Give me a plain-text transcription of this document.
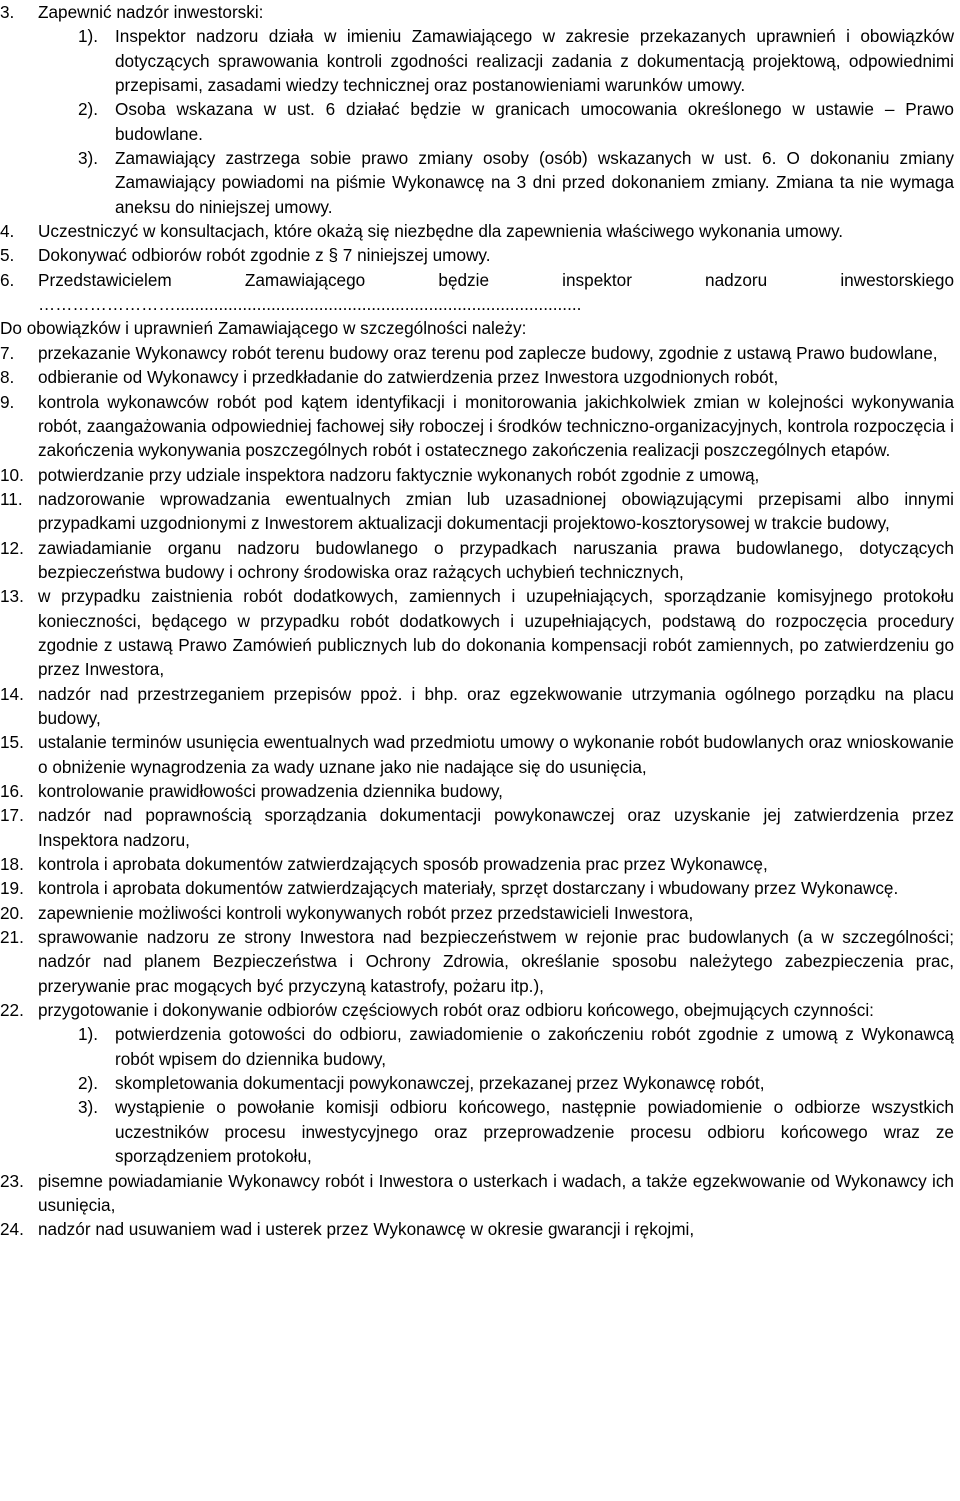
3. Zapewnić nadzór inwestorski:

1). Inspektor nadzoru działa w imieniu Zamawiającego w zakresie przekazanych uprawnień i obowiązków dotyczących sprawowania kontroli zgodności realizacji zadania z dokumentacją projektową, odpowiednimi przepisami, zasadami wiedzy technicznej oraz postanowieniami warunków umowy.

2). Osoba wskazana w ust. 6 działać będzie w granicach umocowania określonego w ustawie – Prawo budowlane.

3). Zamawiający zastrzega sobie prawo zmiany osoby (osób) wskazanych w ust. 6. O dokonaniu zmiany Zamawiający powiadomi na piśmie Wykonawcę na 3 dni przed dokonaniem zmiany. Zmiana ta nie wymaga aneksu do niniejszej umowy.

4. Uczestniczyć w konsultacjach, które okażą się niezbędne dla zapewnienia właściwego wykonania umowy.

5. Dokonywać odbiorów robót zgodnie z § 7 niniejszej umowy.

6. Przedstawicielem Zamawiającego będzie inspektor nadzoru inwestorskiego …………………….....................................................................................

Do obowiązków i uprawnień Zamawiającego w szczególności należy:

7. przekazanie Wykonawcy robót terenu budowy oraz terenu pod zaplecze budowy, zgodnie z ustawą Prawo budowlane,

8. odbieranie od Wykonawcy i przedkładanie do zatwierdzenia przez Inwestora uzgodnionych robót,

9. kontrola wykonawców robót pod kątem identyfikacji i monitorowania jakichkolwiek zmian w kolejności wykonywania robót, zaangażowania odpowiedniej fachowej siły roboczej i środków techniczno-organizacyjnych, kontrola rozpoczęcia i zakończenia wykonywania poszczególnych robót i ostatecznego zakończenia realizacji poszczególnych etapów.

10. potwierdzanie przy udziale inspektora nadzoru faktycznie wykonanych robót zgodnie z umową,

11. nadzorowanie wprowadzania ewentualnych zmian lub uzasadnionej obowiązującymi przepisami albo innymi przypadkami uzgodnionymi z Inwestorem aktualizacji dokumentacji projektowo-kosztorysowej w trakcie budowy,

12. zawiadamianie organu nadzoru budowlanego o przypadkach naruszania prawa budowlanego, dotyczących bezpieczeństwa budowy i ochrony środowiska oraz rażących uchybień technicznych,

13. w przypadku zaistnienia robót dodatkowych, zamiennych i uzupełniających, sporządzanie komisyjnego protokołu konieczności, będącego w przypadku robót dodatkowych i uzupełniających, podstawą do rozpoczęcia procedury zgodnie z ustawą Prawo Zamówień publicznych lub do dokonania kompensacji robót zamiennych, po zatwierdzeniu go przez Inwestora,

14. nadzór nad przestrzeganiem przepisów ppoż. i bhp. oraz egzekwowanie utrzymania ogólnego porządku na placu budowy,

15. ustalanie terminów usunięcia ewentualnych wad przedmiotu umowy o wykonanie robót budowlanych oraz wnioskowanie o obniżenie wynagrodzenia za wady uznane jako nie nadające się do usunięcia,

16. kontrolowanie prawidłowości prowadzenia dziennika budowy,

17. nadzór nad poprawnością sporządzania dokumentacji powykonawczej oraz uzyskanie jej zatwierdzenia przez Inspektora nadzoru,

18. kontrola i aprobata dokumentów zatwierdzających sposób prowadzenia prac przez Wykonawcę,

19. kontrola i aprobata dokumentów zatwierdzających materiały, sprzęt dostarczany i wbudowany przez Wykonawcę.

20. zapewnienie możliwości kontroli wykonywanych robót przez przedstawicieli Inwestora,

21. sprawowanie nadzoru ze strony Inwestora nad bezpieczeństwem w rejonie prac budowlanych (a w szczególności; nadzór nad planem Bezpieczeństwa i Ochrony Zdrowia, określanie sposobu należytego zabezpieczenia prac, przerywanie prac mogących być przyczyną katastrofy, pożaru itp.),

22. przygotowanie i dokonywanie odbiorów częściowych robót oraz odbioru końcowego, obejmujących czynności:

1). potwierdzenia gotowości do odbioru, zawiadomienie o zakończeniu robót zgodnie z umową z Wykonawcą robót wpisem do dziennika budowy,

2). skompletowania dokumentacji powykonawczej, przekazanej przez Wykonawcę robót,

3). wystąpienie o powołanie komisji odbioru końcowego, następnie powiadomienie o odbiorze wszystkich uczestników procesu inwestycyjnego oraz przeprowadzenie procesu odbioru końcowego wraz ze sporządzeniem protokołu,

23. pisemne powiadamianie Wykonawcy robót i Inwestora o usterkach i wadach, a także egzekwowanie od Wykonawcy ich usunięcia,

24. nadzór nad usuwaniem wad i usterek przez Wykonawcę w okresie gwarancji i rękojmi,
